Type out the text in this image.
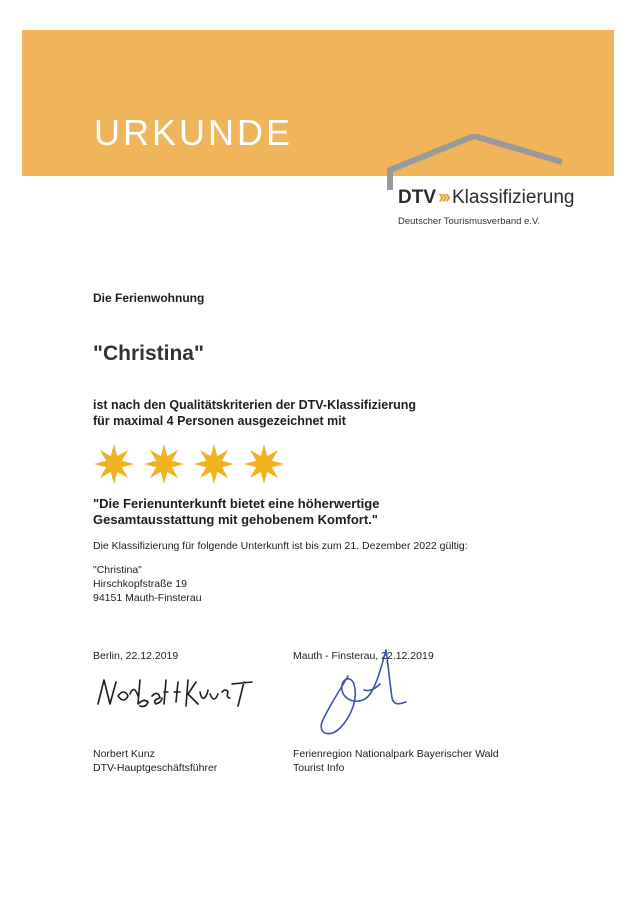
URKUNDE
DTV ››› Klassifizierung
Deutscher Tourismusverband e.V.
Die Ferienwohnung
"Christina"
ist nach den Qualitätskriterien der DTV-Klassifizierung
für maximal 4 Personen ausgezeichnet mit
"Die Ferienunterkunft bietet eine höherwertige
Gesamtausstattung mit gehobenem Komfort."
Die Klassifizierung für folgende Unterkunft ist bis zum 21. Dezember 2022 gültig:
"Christina"
Hirschkopfstraße 19
94151 Mauth-Finsterau
Berlin, 22.12.2019	Mauth - Finsterau, 22.12.2019
Norbert Kunz
DTV-Hauptgeschäftsführer
Ferienregion Nationalpark Bayerischer Wald
Tourist Info
